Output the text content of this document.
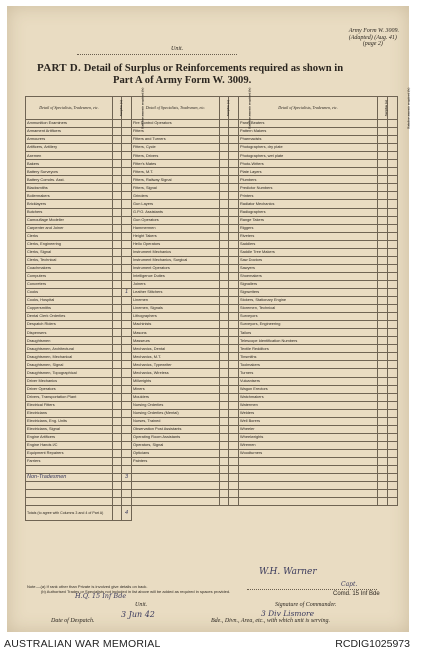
Army Form W. 3009.
(Adapted) (Aug. 41)
(page 2)
Unit.
PART D. Detail of Surplus or Reinforcements required as shown in
Part A of Army Form W. 3009.
Detail of Specialists, Tradesmen, etc.	Surplus (a)	Reinforcements required (b)	Detail of Specialists, Tradesmen, etc.	Surplus (a)	Reinforcements required (b)	Detail of Specialists, Tradesmen, etc.	Surplus (a)	Reinforcements required (b)
Ammunition Examiners			Fire Control Operators			Panel Beaters		
Armament Artificers			Fitters			Pattern Makers		
Armourers			Fitters and Turners			Pharmacists		
Artificers, Artillery			Fitters, Cycle			Photographers, dry plate		
Axemen			Fitters, Drivers			Photographers, wet plate		
Bakers			Fitter's Mates			Photo-Writers		
Battery Surveyors			Fitters, M.T.			Plate Layers		
Battery Comdrs. Asst.			Fitters, Railway Signal			Plumbers		
Blacksmiths			Fitters, Signal			Predictor Numbers		
Boilermakers			Grinders			Printers		
Bricklayers			Gun Layers			Radiator Mechanics		
Butchers			G.P.O. Assistants			Radiographers		
Camouflage Modeller			Gun Operators			Range Takers		
Carpenter and Joiner			Hammermen			Riggers		
Clerks			Height Takers			Riveters		
Clerks, Engineering			Hello Operators			Saddlers		
Clerks, Signal			Instrument Mechanics			Saddle Tree Makers		
Clerks, Technical			Instrument Mechanics, Surgical			Saw Doctors		
Coachmakers			Instrument Operators			Sawyers		
Computers			Intelligence Duties			Shoemakers		
Concreters			Joiners			Signallers		
Cooks		1	Leather Stitchers			Signwriters		
Cooks, Hospital			Linemen			Stokers, Stationary Engine		
Coppersmiths			Linemen, Signals			Storemen, Technical		
Dental Clerk Orderlies			Lithographers			Surveyors		
Despatch Riders			Machinists			Surveyors, Engineering		
Dispensers			Masons			Tailors		
Draughtsmen			Masseurs			Telescope Identification Numbers		
Draughtsmen, Architectural			Mechanics, Dental			Textile Redditors		
Draughtsmen, Mechanical			Mechanics, M.T.			Tinsmiths		
Draughtsmen, Signal			Mechanics, Typewriter			Toolmakers		
Draughtsmen, Topographical			Mechanics, Wireless			Turners		
Driver Mechanics			Millwrights			Vulcanisers		
Driver Operators			Miners			Wagon Erectors		
Drivers, Transportation Plant			Moulders			Watchmakers		
Electrical Fitters			Nursing Orderlies			Watermen		
Electricians			Nursing Orderlies (Mental)			Welders		
Electricians, Eng. Units			Nurses, Trained			Well Borers		
Electricians, Signal			Observation Post Assistants			Wheeler		
Engine Artificers			Operating Room Assistants			Wheelwrights		
Engine Hands I/C			Operators, Signal			Wiremen		
Equipment Repairers			Opticians			Woodturners		
Farriers			Painters					

Non-Tradesmen		3						

Totals (to agree with Columns 3 and 4 of Part A)		4						
W.H. Warner
Capt.
Comd. 15 Inf Bde
Note.—(a) If rank other than Private is involved give details on back.
(b) Authorised Trades or Specialists not included in list above will be added as required in spaces provided.
H.Q. 15 Inf Bde
Unit.	Signature of Commander.
Date of Despatch.
3 Jun 42
Bde., Divn., Area, etc., with which unit is serving.
3 Div Lismore
AUSTRALIAN WAR MEMORIAL	RCDIG1025973
